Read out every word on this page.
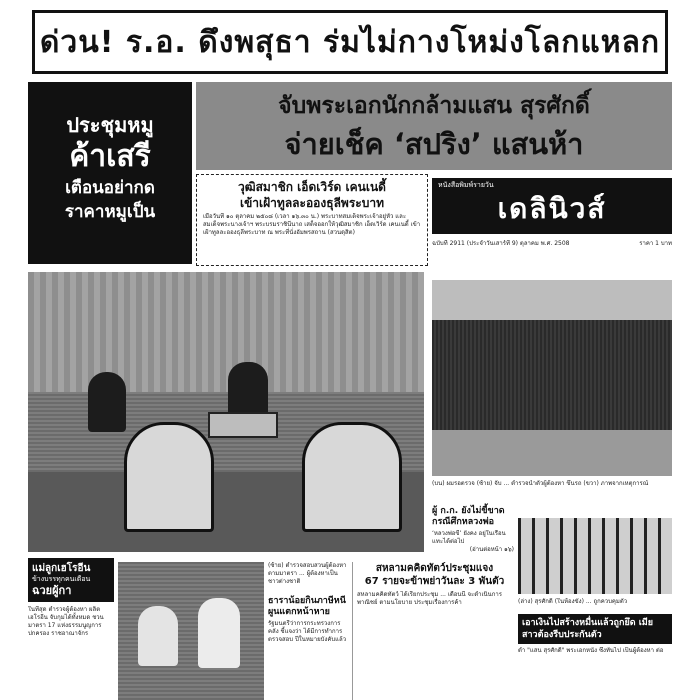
ด่วน! ร.อ. ดึงพสุธา ร่มไม่กางโหม่งโลกแหลก
ประชุมหมู
ค้าเสรี
เตือนอย่ากด
ราคาหมูเป็น
จับพระเอกนักกล้ามแสน สุรศักดิ์
จ่ายเช็ค ‘สปริง’ แสนห้า
วุฒิสมาชิก เอ็ดเวิร์ด เคนเนดี้
เข้าเฝ้าทูลละอองธุลีพระบาท
เมื่อวันที่ ๑๐ ตุลาคม ๒๕๐๘ (เวลา ๑๖.๓๐ น.) พระบาทสมเด็จพระเจ้าอยู่หัว และสมเด็จพระนางเจ้าฯ พระบรมราชินีนาถ เสด็จออกให้วุฒิสมาชิก เอ็ดเวิร์ด เคนเนดี้ เข้าเฝ้าทูลละอองธุลีพระบาท ณ พระที่นั่งอัมพรสถาน (สวนดุสิต)
หนังสือพิมพ์รายวัน
เดลินิวส์
ฉบับที่ 2911 (ประจำวันเสาร์ที่ 9) ตุลาคม พ.ศ. 2508	ราคา 1 บาท
(บน) ผมรอตรวจ (ซ้าย) จับ ... ตำรวจนำตัวผู้ต้องหา ขึ้นรถ (ขวา) ภาพจากเหตุการณ์
ผู้ ก.ก. ยังไม่ขี้ขาด กรณีศึกหลวงพ่อ
‘หลวงพ่อขี้’ ยังคง อยู่ในเรือนแทะได้ต่อไป
(อ่านต่อหน้า ๑๖)
แม่ลูกเฮโรอีน
ข้างบรรทุกคนเตือน
ฉวยผู้กา
ในที่สุด ตำรวจผู้ต้องหา ผลิตเฮโรอีน จับกุมได้ทั้งหมด ชวนมาตรา 17 แห่งธรรมนูญการปกครอง ราชอาณาจักร
(ซ้าย) ตำรวจสอบสวนผู้ต้องหาตามมาตรา ... ผู้ต้องหาเป็นชาวต่างชาติ
ธาราน้อยกินภาษีหนี ผูนแตกหน้าหาย
รัฐมนตรีว่าการกระทรวงการคลัง ชี้แจงว่า ได้มีการทำการตรวจสอบ ปีในหมายบังคับแล้ว
สหลามคคิดทัตว์ประชุมแจง
67 รายจะข้าพย่าวันละ 3 พันตัว
สหลามคคิดทัตว์ ได้เรียกประชุม ... เดือนนี้ จะดำเนินการพาณิชย์ ตามนโยบาย ประชุมเรื่องการค้า	(ล่าง) สุรศักดิ์ (ในห้องขัง) ... ถูกควบคุมตัว
เอาเงินไปสร้างหมื่นแล้วถูกยึด เมียสาวต้องรีบประกันตัว
ดำ "แสน สุรศักดิ์" พระเอกหนัง ซึ่งทันไป เป็นผู้ต้องหา ต่อ
